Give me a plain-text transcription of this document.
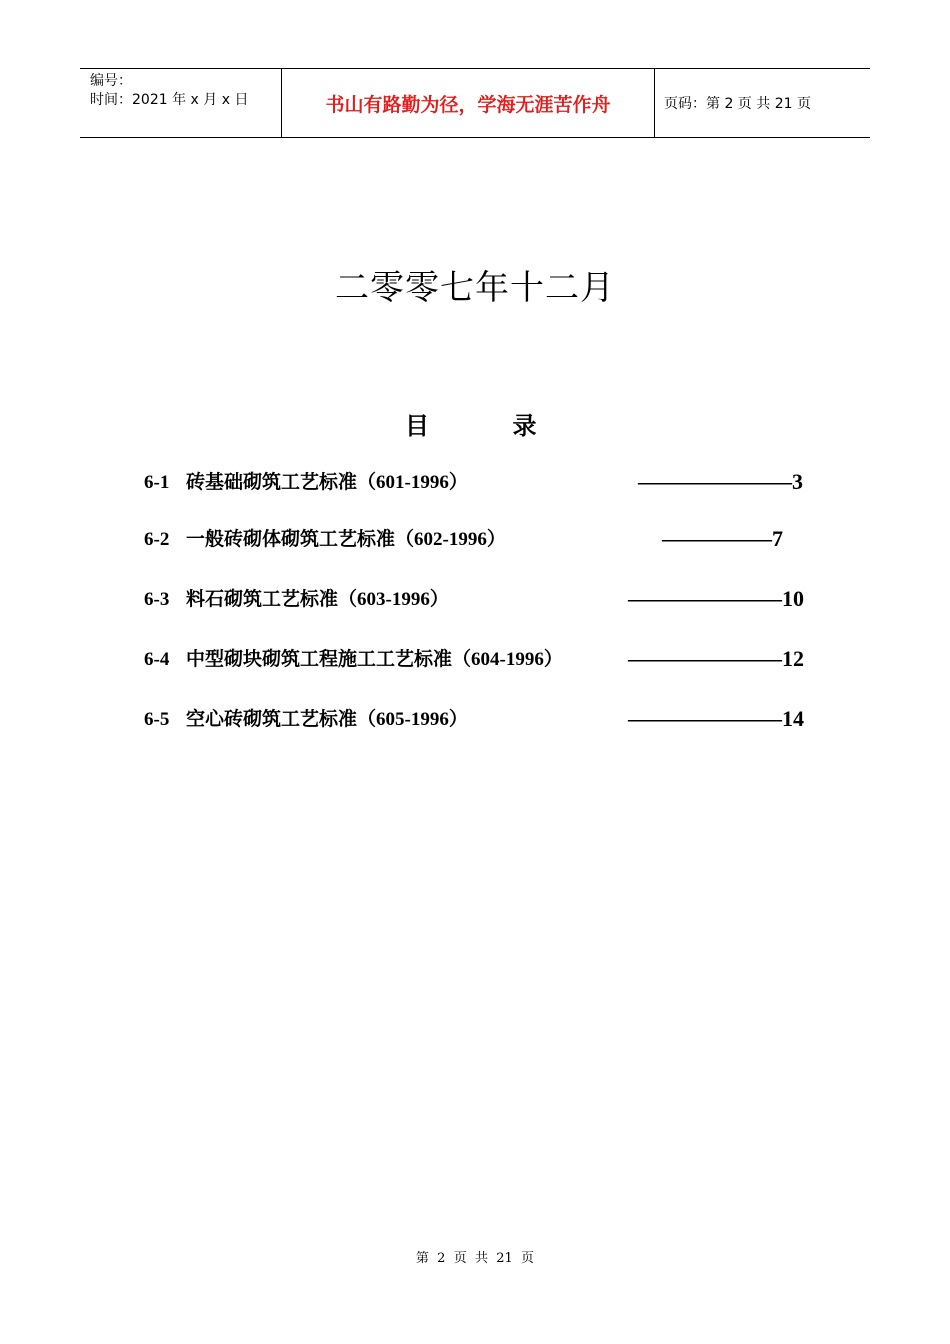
编号：
时间：2021 年 x 月 x 日	书山有路勤为径，学海无涯苦作舟	页码：第 2 页 共 21 页
二零零七年十二月
目          录
6-1 砖基础砌筑工艺标准（601-1996）	———————3
6-2 一般砖砌体砌筑工艺标准（602-1996）	—————7
6-3 料石砌筑工艺标准（603-1996）	———————10
6-4 中型砌块砌筑工程施工工艺标准（604-1996）	———————12
6-5 空心砖砌筑工艺标准（605-1996）	———————14
第  2  页  共  21  页
